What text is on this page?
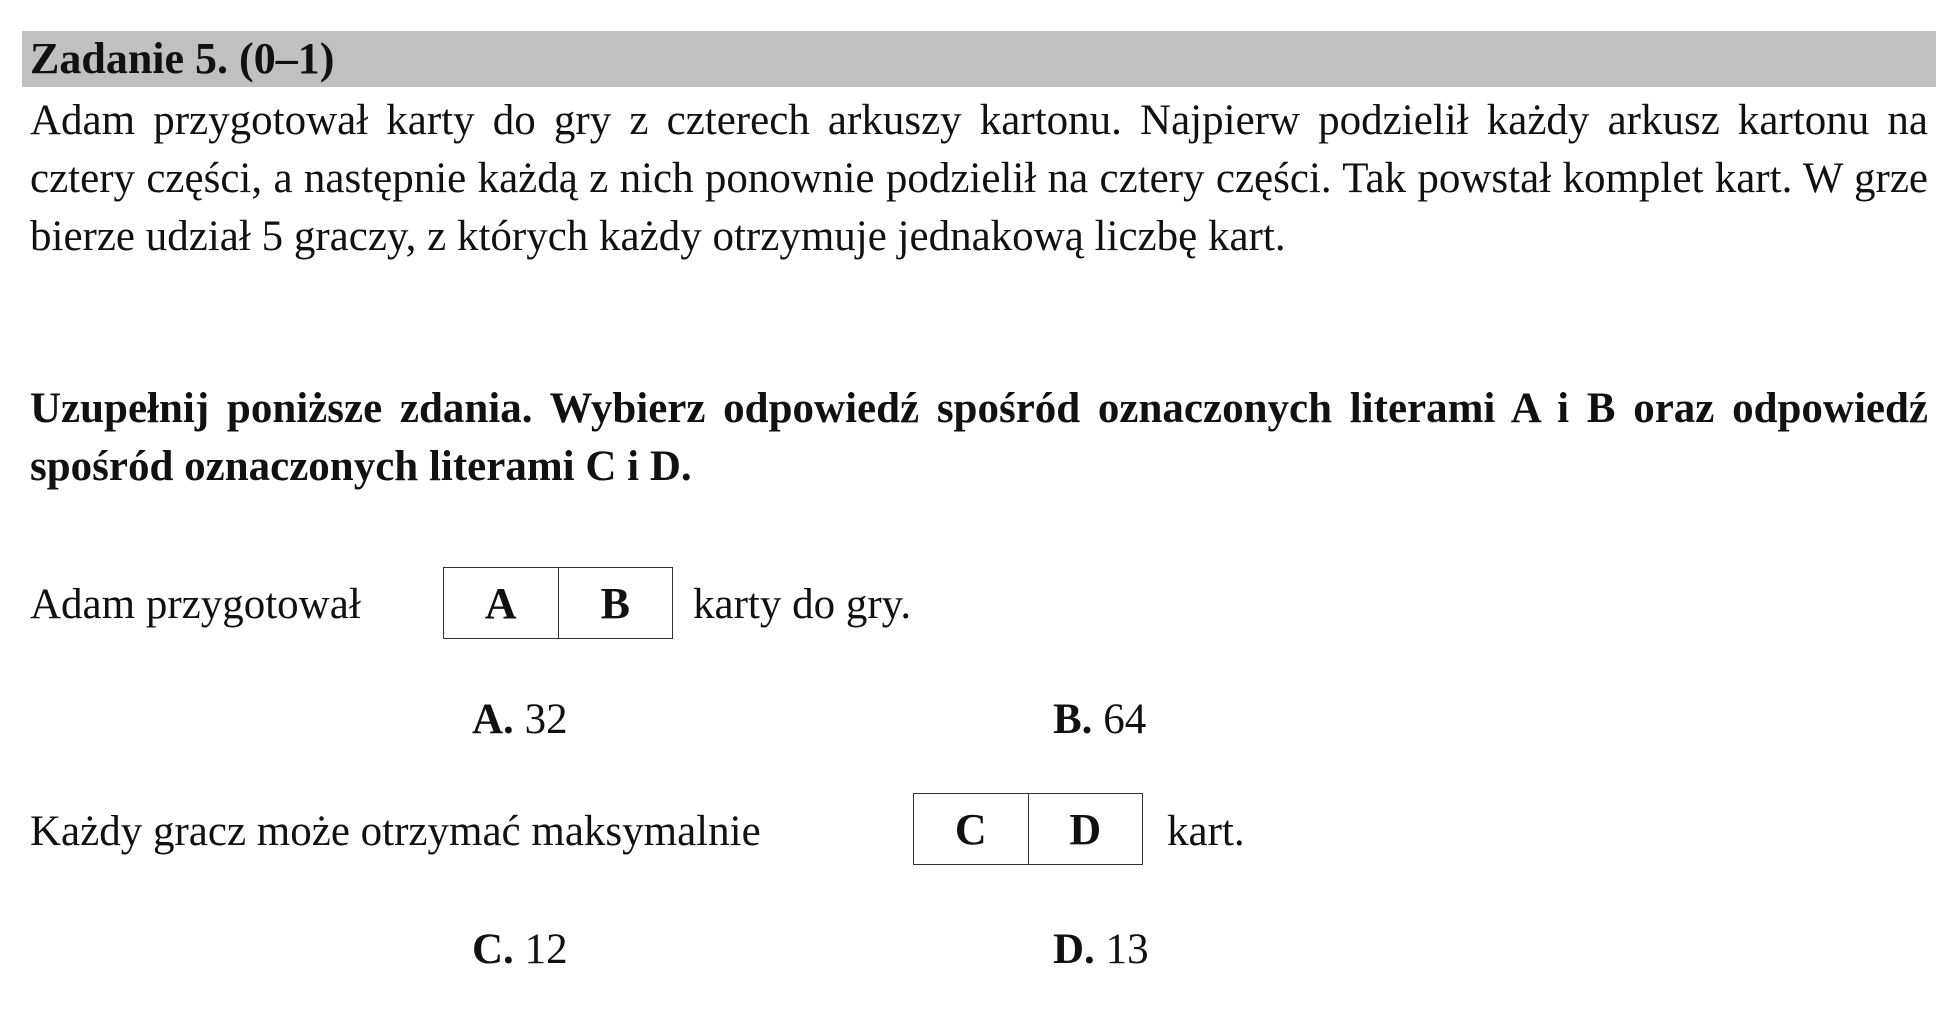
Zadanie 5. (0–1)
Adam przygotował karty do gry z czterech arkuszy kartonu. Najpierw podzielił każdy arkusz kartonu na cztery części, a następnie każdą z nich ponownie podzielił na cztery części. Tak powstał komplet kart. W grze bierze udział 5 graczy, z których każdy otrzymuje jednakową liczbę kart.
Uzupełnij poniższe zdania. Wybierz odpowiedź spośród oznaczonych literami A i B oraz odpowiedź spośród oznaczonych literami C i D.
Adam przygotował	A	B	karty do gry.
A. 32	B. 64
Każdy gracz może otrzymać maksymalnie	C	D	kart.
C. 12	D. 13
